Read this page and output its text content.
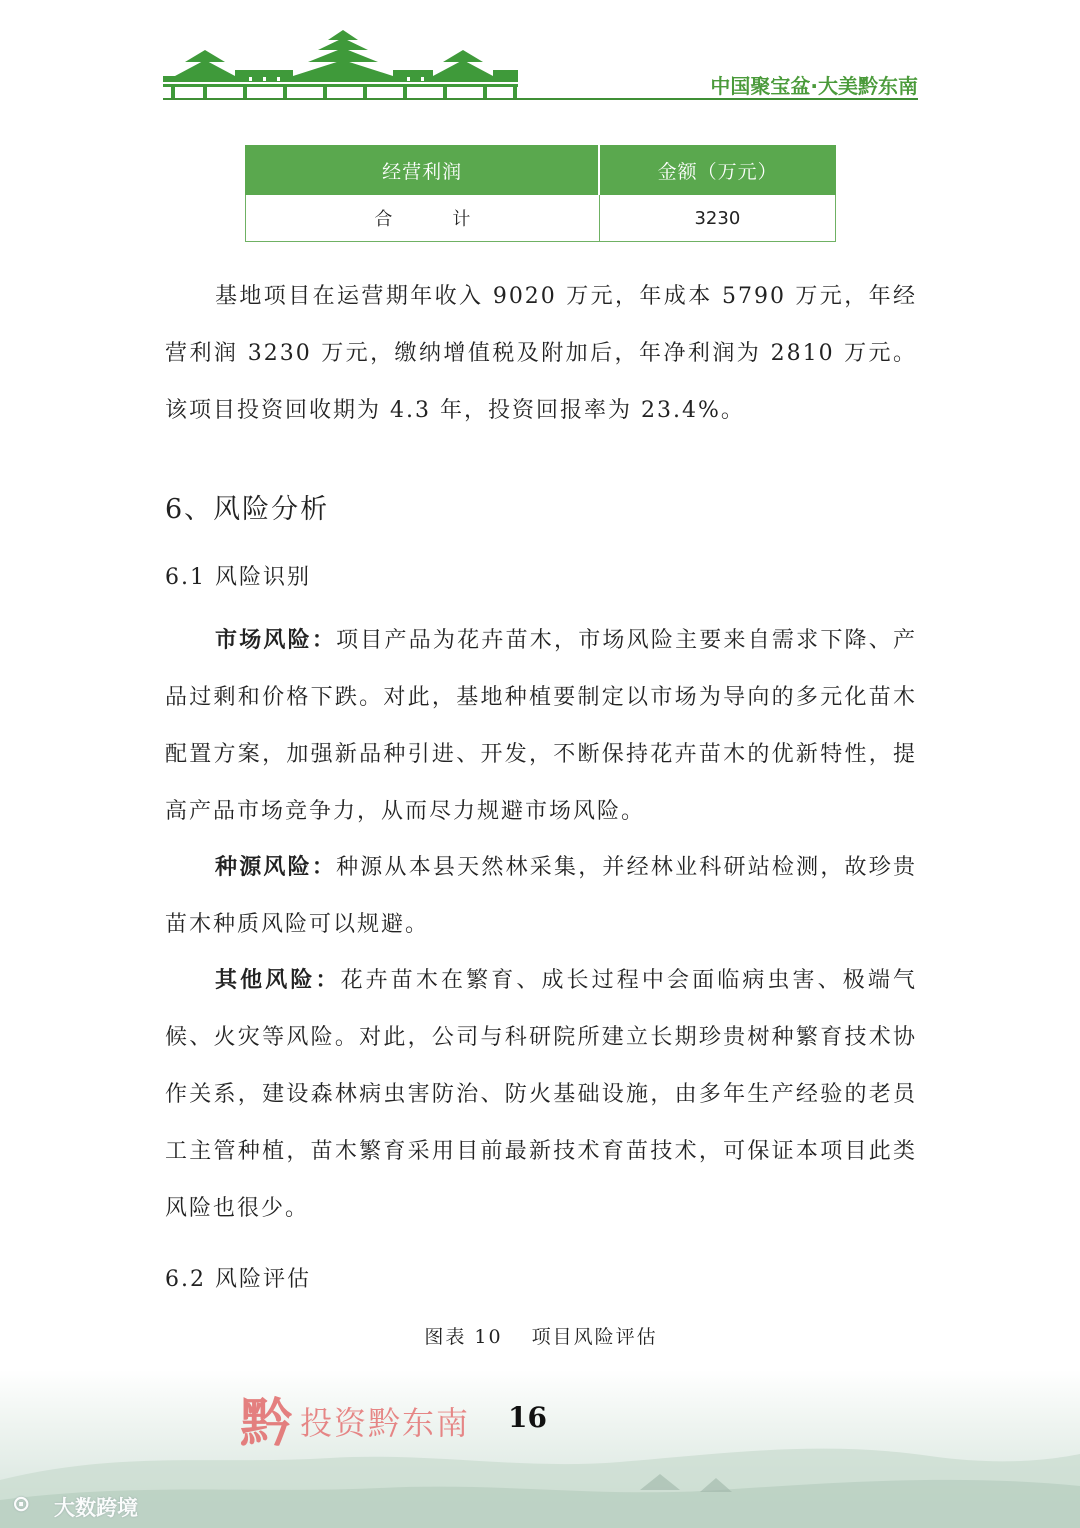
中国聚宝盆·大美黔东南
经营利润	金额（万元）
合计	3230

基地项目在运营期年收入 9020 万元，年成本 5790 万元，年经营利润 3230 万元，缴纳增值税及附加后，年净利润为 2810 万元。该项目投资回收期为 4.3 年，投资回报率为 23.4%。

6、风险分析
6.1 风险识别

市场风险：项目产品为花卉苗木，市场风险主要来自需求下降、产品过剩和价格下跌。对此，基地种植要制定以市场为导向的多元化苗木配置方案，加强新品种引进、开发，不断保持花卉苗木的优新特性，提高产品市场竞争力，从而尽力规避市场风险。

种源风险：种源从本县天然林采集，并经林业科研站检测，故珍贵苗木种质风险可以规避。

其他风险：花卉苗木在繁育、成长过程中会面临病虫害、极端气候、火灾等风险。对此，公司与科研院所建立长期珍贵树种繁育技术协作关系，建设森林病虫害防治、防火基础设施，由多年生产经验的老员工主管种植，苗木繁育采用目前最新技术育苗技术，可保证本项目此类风险也很少。

6.2 风险评估
图表 10　 项目风险评估
黔 投资黔东南 16
⊙	大数跨境
